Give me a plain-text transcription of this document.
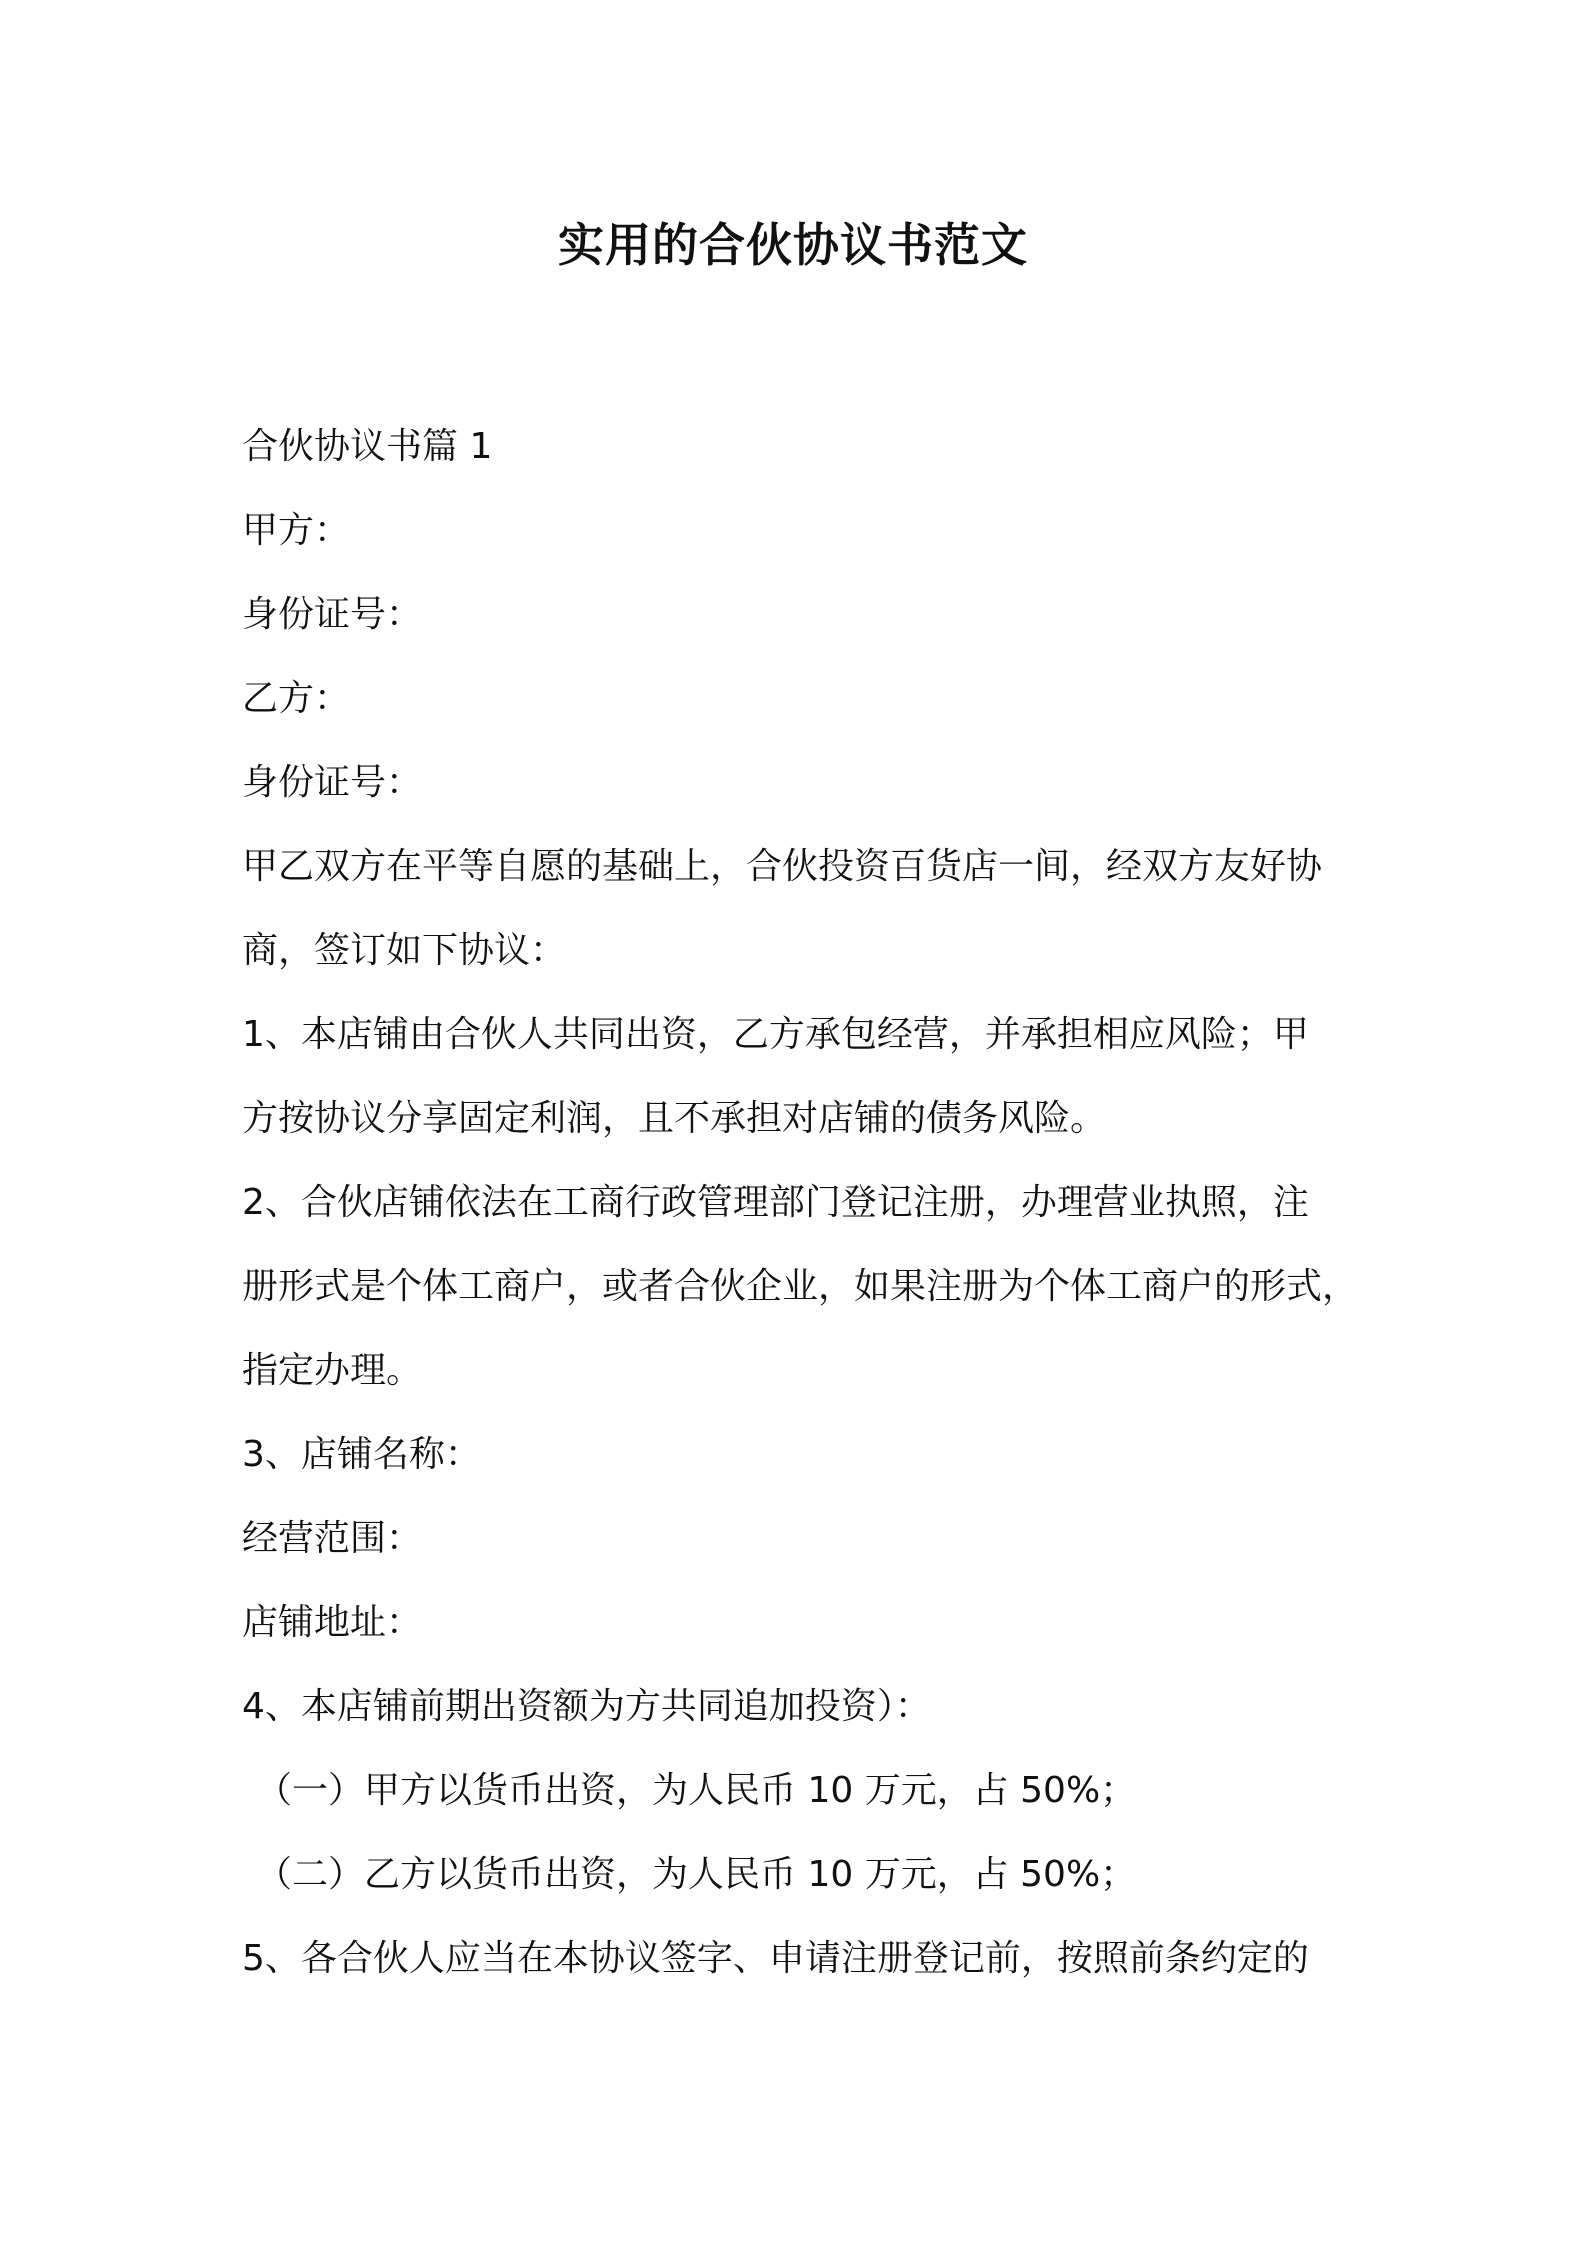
实用的合伙协议书范文
合伙协议书篇 1
甲方：
身份证号：
乙方：
身份证号：
甲乙双方在平等自愿的基础上，合伙投资百货店一间，经双方友好协
商，签订如下协议：
1、本店铺由合伙人共同出资，乙方承包经营，并承担相应风险；甲
方按协议分享固定利润，且不承担对店铺的债务风险。
2、合伙店铺依法在工商行政管理部门登记注册，办理营业执照，注
册形式是个体工商户，或者合伙企业，如果注册为个体工商户的形式，
指定办理。
3、店铺名称：
经营范围：
店铺地址：
4、本店铺前期出资额为方共同追加投资）：
（一）甲方以货币出资，为人民币 10 万元，占 50%；
（二）乙方以货币出资，为人民币 10 万元，占 50%；
5、各合伙人应当在本协议签字、申请注册登记前，按照前条约定的
